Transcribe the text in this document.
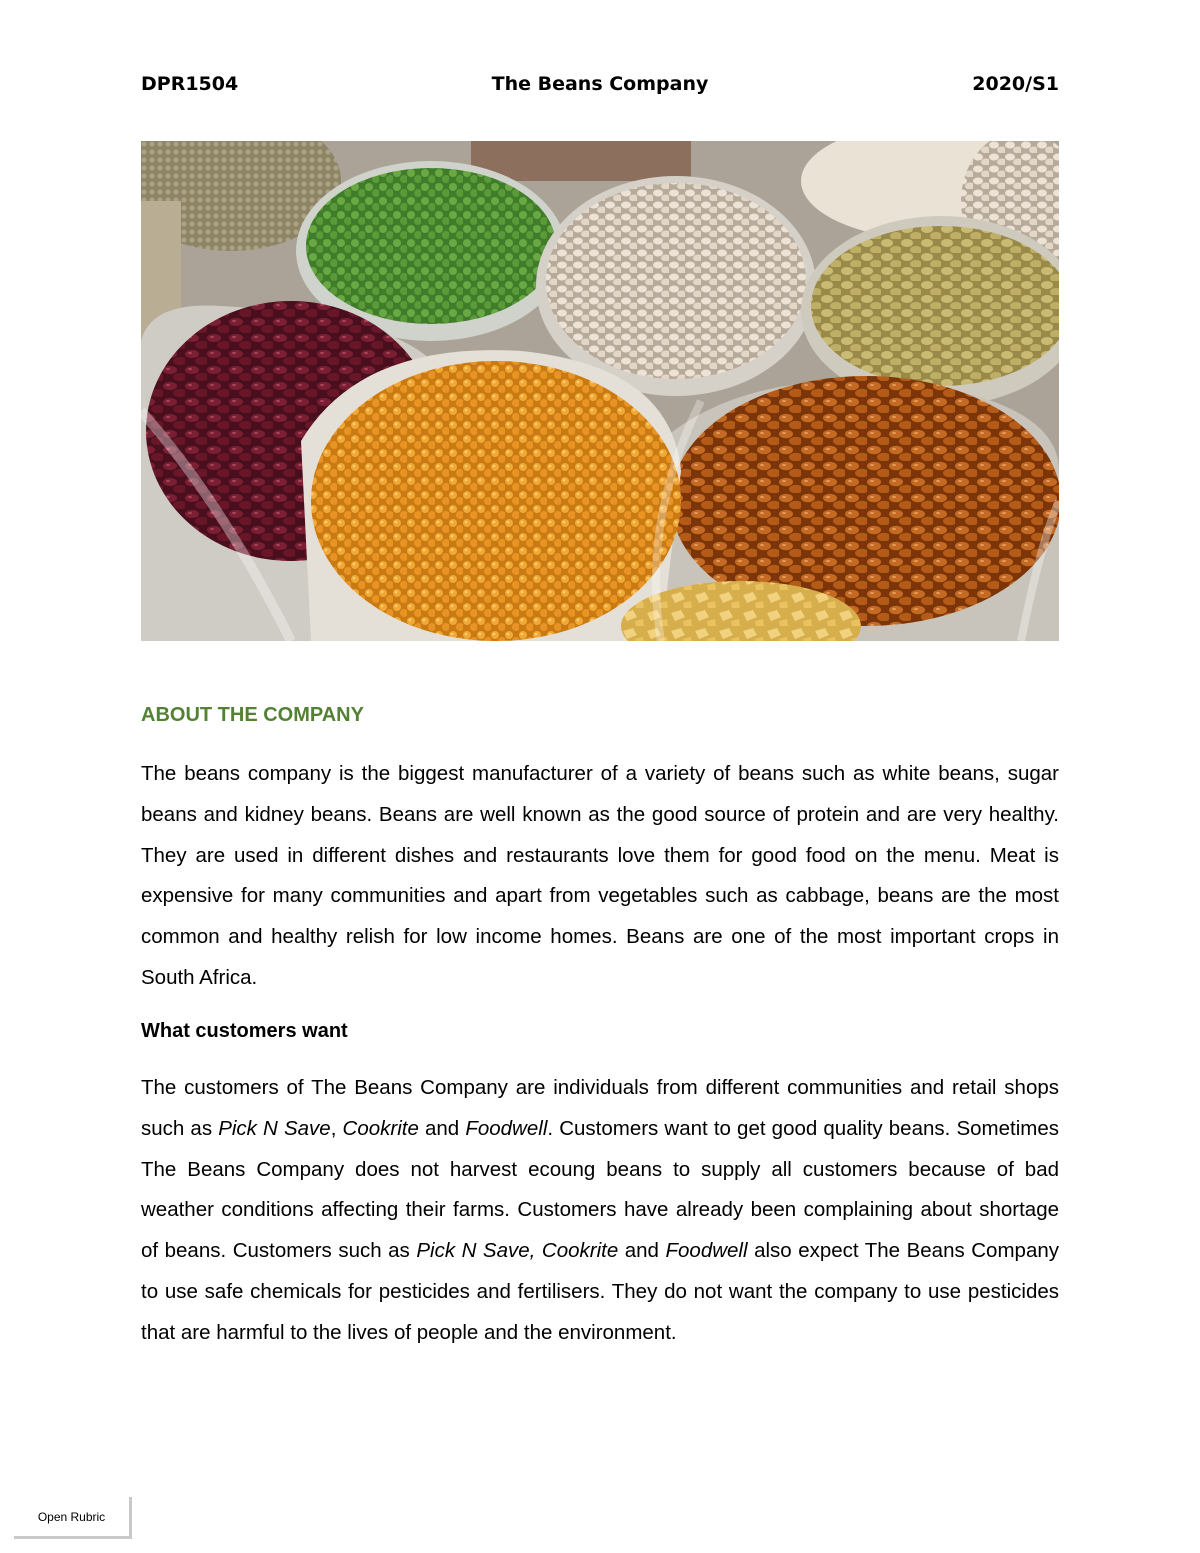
DPR1504	The Beans Company	2020/S1
ABOUT THE COMPANY

The beans company is the biggest manufacturer of a variety of beans such as white beans, sugar beans and kidney beans. Beans are well known as the good source of protein and are very healthy. They are used in different dishes and restaurants love them for good food on the menu. Meat is expensive for many communities and apart from vegetables such as cabbage, beans are the most common and healthy relish for low income homes. Beans are one of the most important crops in South Africa.

What customers want

The customers of The Beans Company are individuals from different communities and retail shops such as Pick N Save, Cookrite and Foodwell. Customers want to get good quality beans. Sometimes The Beans Company does not harvest ecoung beans to supply all customers because of bad weather conditions affecting their farms. Customers have already been complaining about shortage of beans. Customers such as Pick N Save, Cookrite and Foodwell also expect The Beans Company to use safe chemicals for pesticides and fertilisers. They do not want the company to use pesticides that are harmful to the lives of people and the environment.

Open Rubric
